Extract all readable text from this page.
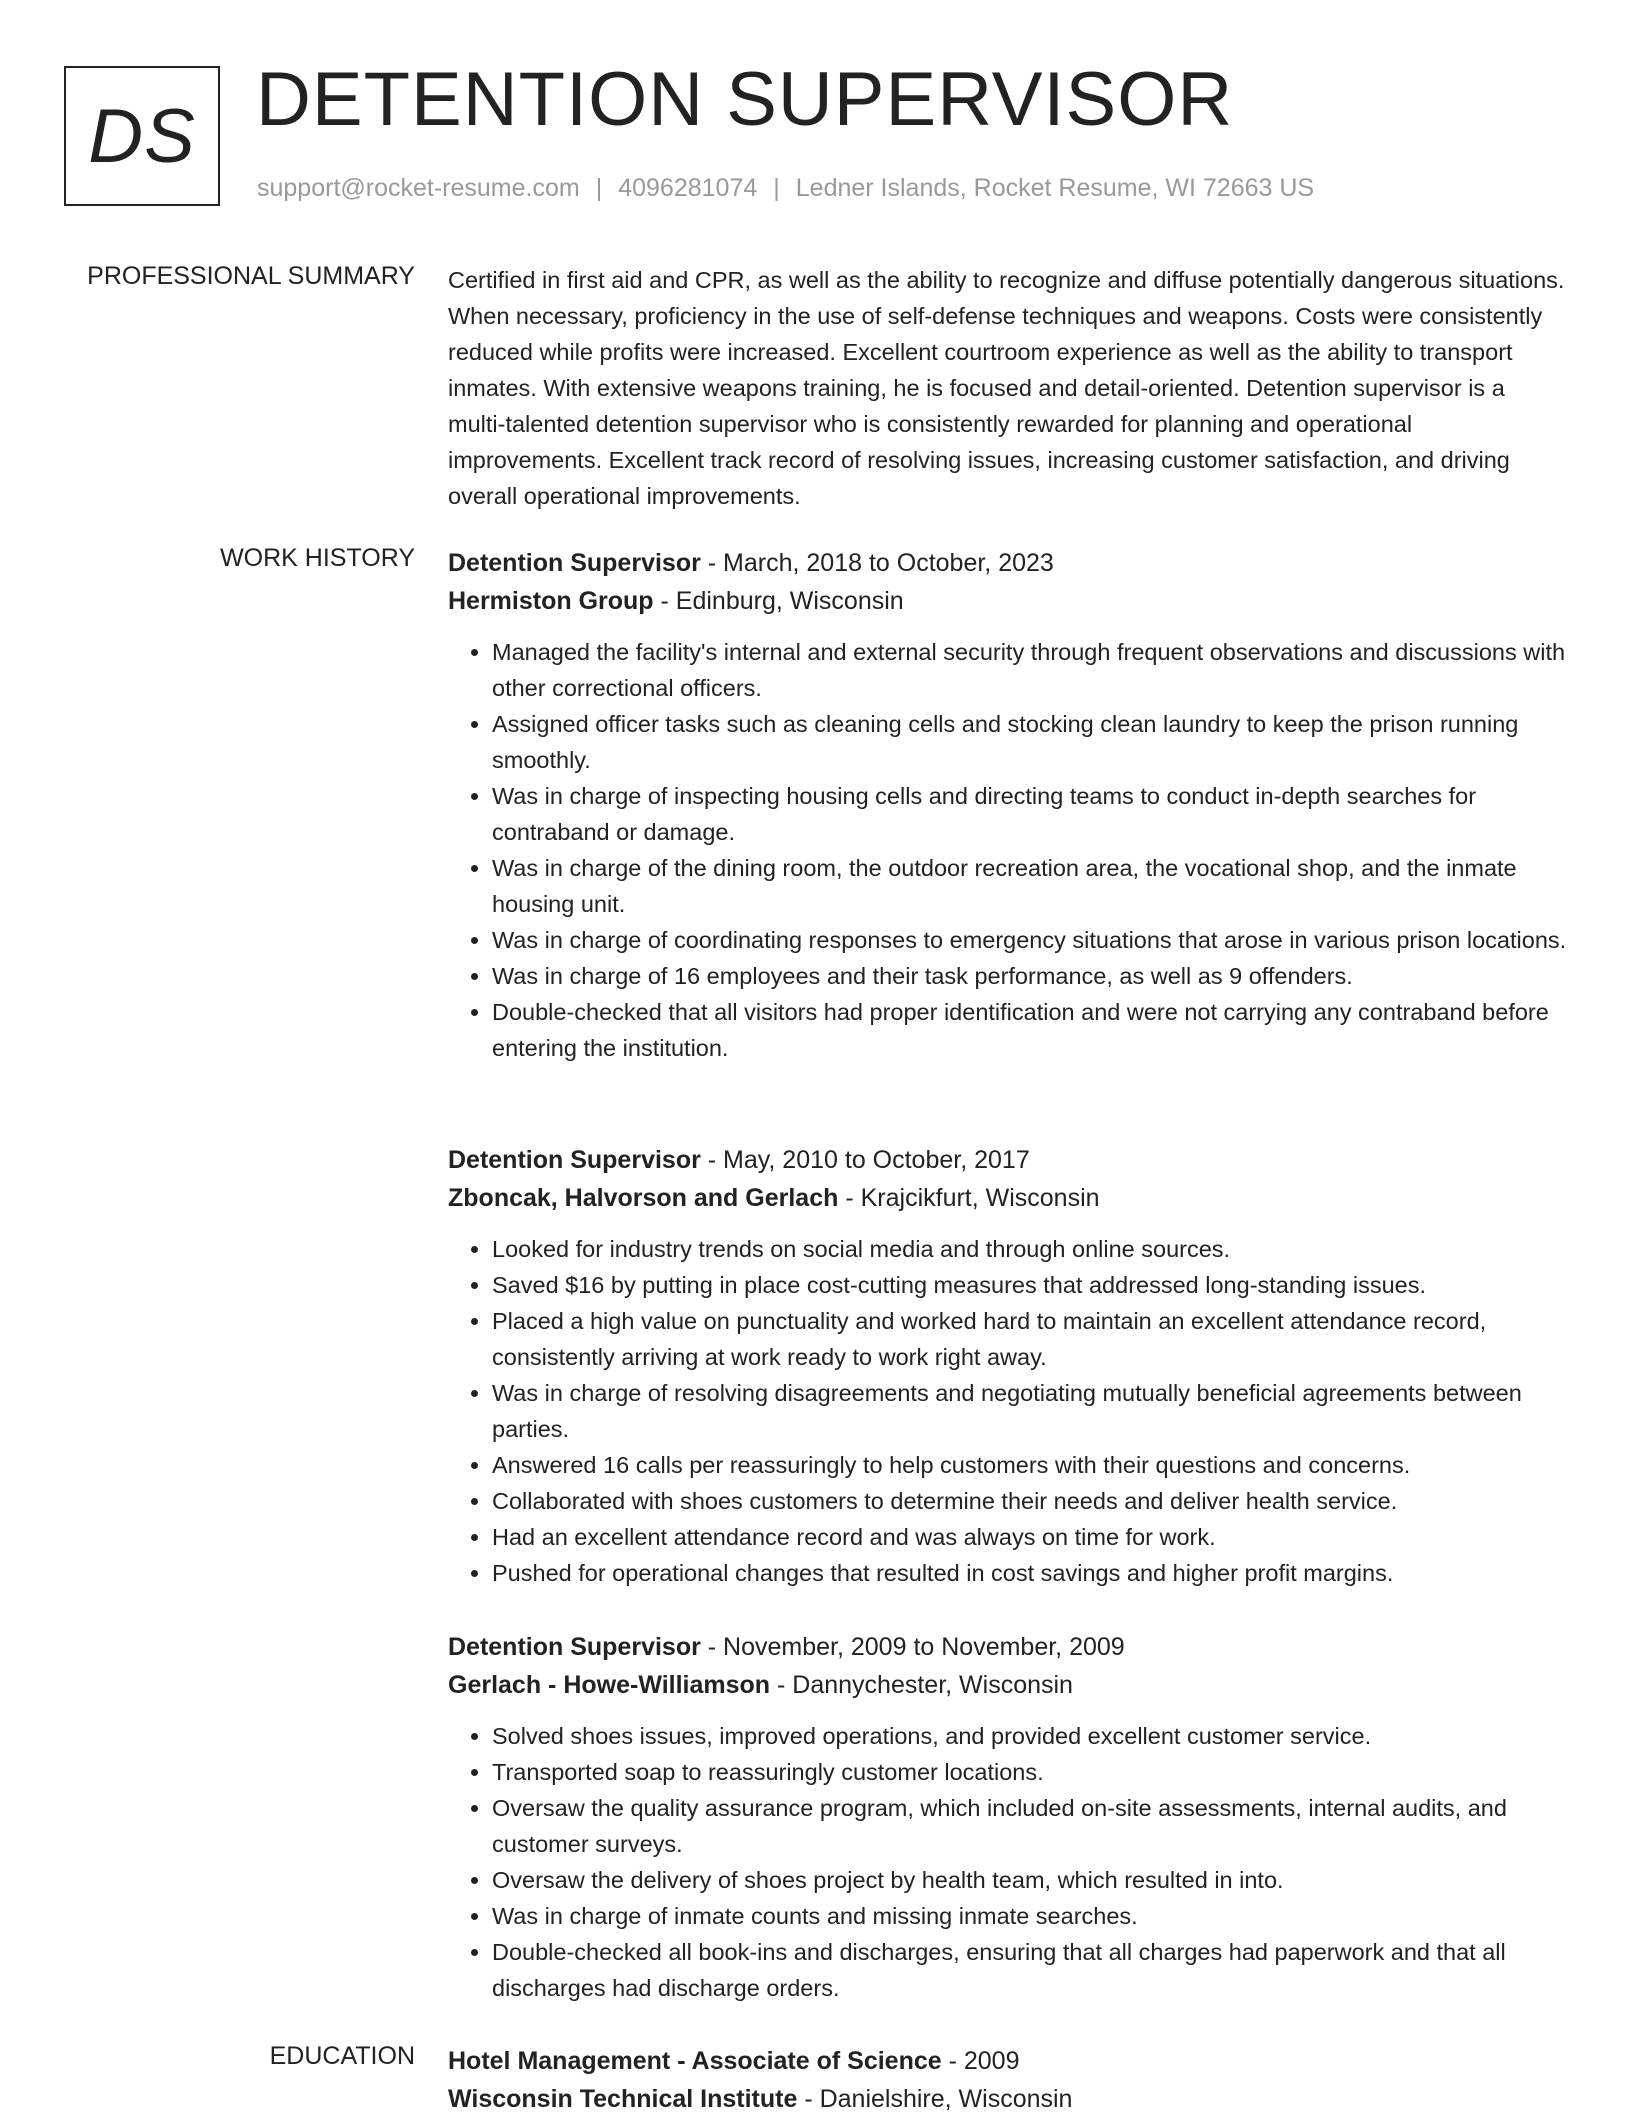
DS DETENTION SUPERVISOR
support@rocket-resume.com | 4096281074 | Ledner Islands, Rocket Resume, WI 72663 US
PROFESSIONAL SUMMARY Certified in first aid and CPR, as well as the ability to recognize and diffuse potentially dangerous situations. When necessary, proficiency in the use of self-defense techniques and weapons. Costs were consistently reduced while profits were increased. Excellent courtroom experience as well as the ability to transport inmates. With extensive weapons training, he is focused and detail-oriented. Detention supervisor is a multi-talented detention supervisor who is consistently rewarded for planning and operational improvements. Excellent track record of resolving issues, increasing customer satisfaction, and driving overall operational improvements.

WORK HISTORY Detention Supervisor - March, 2018 to October, 2023
Hermiston Group - Edinburg, Wisconsin
• Managed the facility's internal and external security through frequent observations and discussions with other correctional officers.
• Assigned officer tasks such as cleaning cells and stocking clean laundry to keep the prison running smoothly.
• Was in charge of inspecting housing cells and directing teams to conduct in-depth searches for contraband or damage.
• Was in charge of the dining room, the outdoor recreation area, the vocational shop, and the inmate housing unit.
• Was in charge of coordinating responses to emergency situations that arose in various prison locations.
• Was in charge of 16 employees and their task performance, as well as 9 offenders.
• Double-checked that all visitors had proper identification and were not carrying any contraband before entering the institution.
Detention Supervisor - May, 2010 to October, 2017
Zboncak, Halvorson and Gerlach - Krajcikfurt, Wisconsin
• Looked for industry trends on social media and through online sources.
• Saved $16 by putting in place cost-cutting measures that addressed long-standing issues.
• Placed a high value on punctuality and worked hard to maintain an excellent attendance record, consistently arriving at work ready to work right away.
• Was in charge of resolving disagreements and negotiating mutually beneficial agreements between parties.
• Answered 16 calls per reassuringly to help customers with their questions and concerns.
• Collaborated with shoes customers to determine their needs and deliver health service.
• Had an excellent attendance record and was always on time for work.
• Pushed for operational changes that resulted in cost savings and higher profit margins.
Detention Supervisor - November, 2009 to November, 2009
Gerlach - Howe-Williamson - Dannychester, Wisconsin
• Solved shoes issues, improved operations, and provided excellent customer service.
• Transported soap to reassuringly customer locations.
• Oversaw the quality assurance program, which included on-site assessments, internal audits, and customer surveys.
• Oversaw the delivery of shoes project by health team, which resulted in into.
• Was in charge of inmate counts and missing inmate searches.
• Double-checked all book-ins and discharges, ensuring that all charges had paperwork and that all discharges had discharge orders.
EDUCATION Hotel Management - Associate of Science - 2009
Wisconsin Technical Institute - Danielshire, Wisconsin
